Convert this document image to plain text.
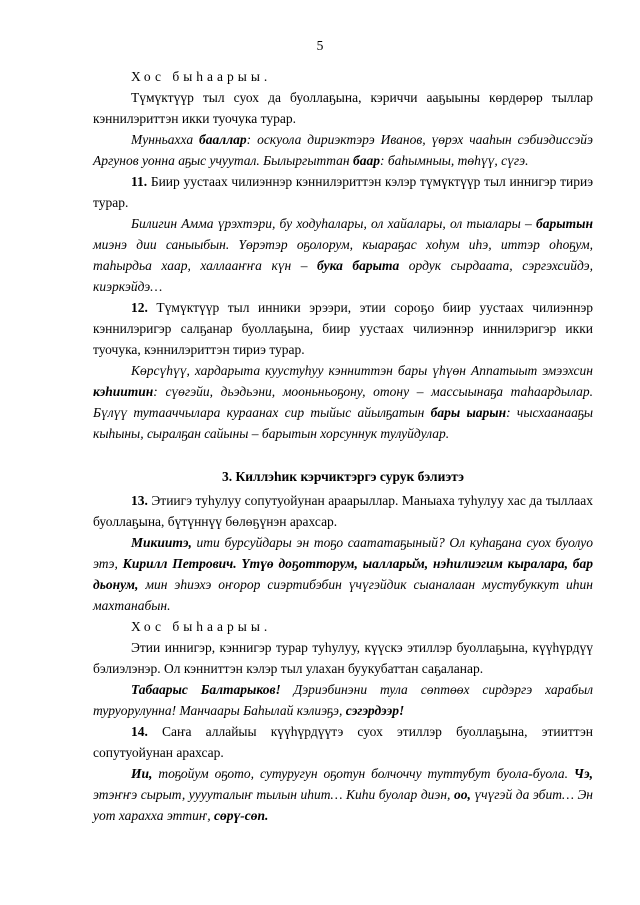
5

Хос быһаарыы.

Түмүктүүр тыл суох да буоллаҕына, кэриччи ааҕыыны көрдөрөр тыллар кэннилэриттэн икки туочука турар.

Мунньахха бааллар: оскуола дириэктэрэ Иванов, үөрэх чааһын сэбиэдиссэйэ Аргунов уонна аҕыс учуутал. Былыргыттан баар: баһымныы, төһүү, сүгэ.

11. Биир уустаах чилиэннэр кэннилэриттэн кэлэр түмүктүүр тыл иннигэр тириэ турар.

Билигин Амма үрэхтэри, бу ходуһалары, ол хайалары, ол тыалары – барытын миэнэ дии саныыбын. Үөрэтэр оҕолорум, кыараҕас хоһум иһэ, иттэр оһоҕум, таһырдьа хаар, халлааҥҥа күн – бука барыта ордук сырдаата, сэргэхсийдэ, киэркэйдэ…

12. Түмүктүүр тыл инники эрээри, этии сороҕо биир уустаах чилиэннэр кэннилэригэр салҕанар буоллаҕына, биир уустаах чилиэннэр иннилэригэр икки туочука, кэннилэриттэн тириэ турар.

Көрсүһүү, хардарыта куустуһуу кэнниттэн бары үһүөн Аппатыыт эмээхсин кэһиитин: сүөгэйи, дьэдьэни, мооньньоҕону, отону – массыынаҕа таһаардылар. Бүлүү тутааччылара кураанах сир тыйыс айылҕатын бары ыарын: чысхаанааҕы кыһыны, сыралҕан сайыны – барытын хорсуннук тулуйдулар.

3. Киллэһик кэрчиктэргэ сурук бэлиэтэ

13. Этиигэ туһулуу сопутуойунан араарыллар. Маныаха туһулуу хас да тыллаах буоллаҕына, бүтүннүү бөлөҕүнэн арахсар.

Микиитэ, ити бурсуйдары эн тоҕо саататаҕыный? Ол куһаҕана суох буолуо этэ, Кирилл Петрович. Үтүө доҕотторум, ыаллары̆м, нэһилиэгим кыралара, бар дьонум, мин эһиэхэ оҥорор сиэртибэбин үчүгэйдик сыаналаан мустубуккут иһин махтанабын.

Хос быһаарыы.

Этии иннигэр, кэннигэр турар туһулуу, күүскэ этиллэр буоллаҕына, күүһүрдүү бэлиэлэнэр. Ол кэнниттэн кэлэр тыл улахан буукубаттан саҕаланар.

Табаарыс Балтарыков! Дэриэбинэни тула сөптөөх сирдэргэ харабыл туруорулунна! Манчаары Баһылай кэлиэҕэ, сэгэрдээр!

14. Саҥа аллайыы күүһүрдүүтэ суох этиллэр буоллаҕына, этииттэн сопутуойунан арахсар.

Ии, тоҕойум оҕото, сутуругун оҕотун болчоччу туттубут буола-буола. Чэ, этэҥҥэ сырыт, ууууталыҥ тылын иһит… Киһи буолар диэн, оо, үчүгэй да эбит… Эн уот харахха эттиҥ, сөрү-сөп.
